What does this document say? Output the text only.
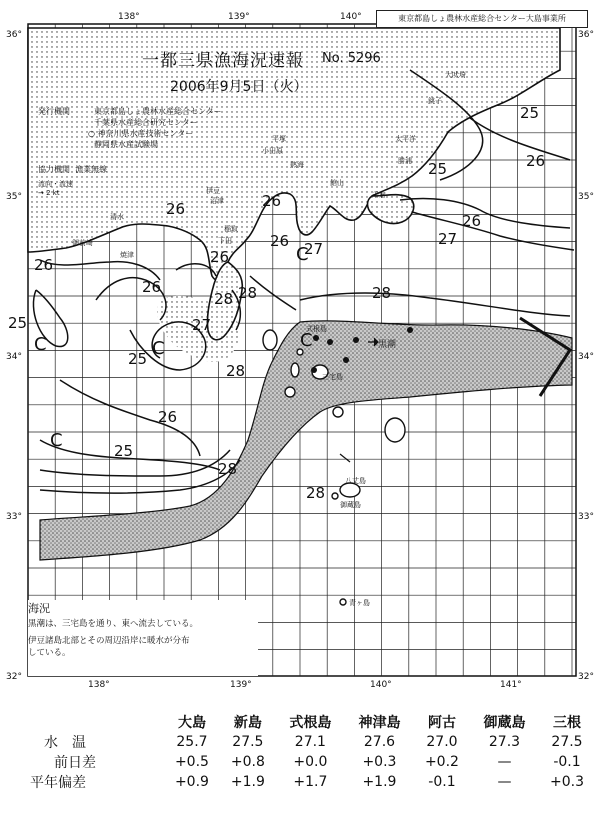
東京都島しょ農林水産総合センター大島事業所
一都三県漁海況速報 No. 5296
2006年9月5日（火）
発行機関	東京都島しょ農林水産総合センター
千葉県水産総合研究センター
○ 神奈川県水産技術センター
静岡県水産試験場
協力機関 漁業無線
流向・流速
→ 2 kt
138°	139°	140°
138°	139°	140°	141°
36°
35°
34°
33°
32°
36°
35°
34°
33°
32°
大吠埼
銚子
太平洋
勝浦
千倉
平塚
小田原
熱海
館山
伊豆
沼津
清水
焼津
御前崎
稲取
下田
式根島
黒潮
三宅島
八丈島
御蔵島
青ヶ島
25
26
26
25
26	26
27
27
26
28	28
26
26
25	27
28
28
25
28
26
25
28
26
C	C
C
C
C
海況
黒潮は、三宅島を通り、東へ流去している。
伊豆諸島北部とその周辺沿岸に暖水が分布
している。
	大島	新島	式根島	神津島	阿古	御蔵島	三根
水　温	25.7	27.5	27.1	27.6	27.0	27.3	27.5
前日差	+0.5	+0.8	+0.0	+0.3	+0.2	—	-0.1
平年偏差	+0.9	+1.9	+1.7	+1.9	-0.1	—	+0.3
